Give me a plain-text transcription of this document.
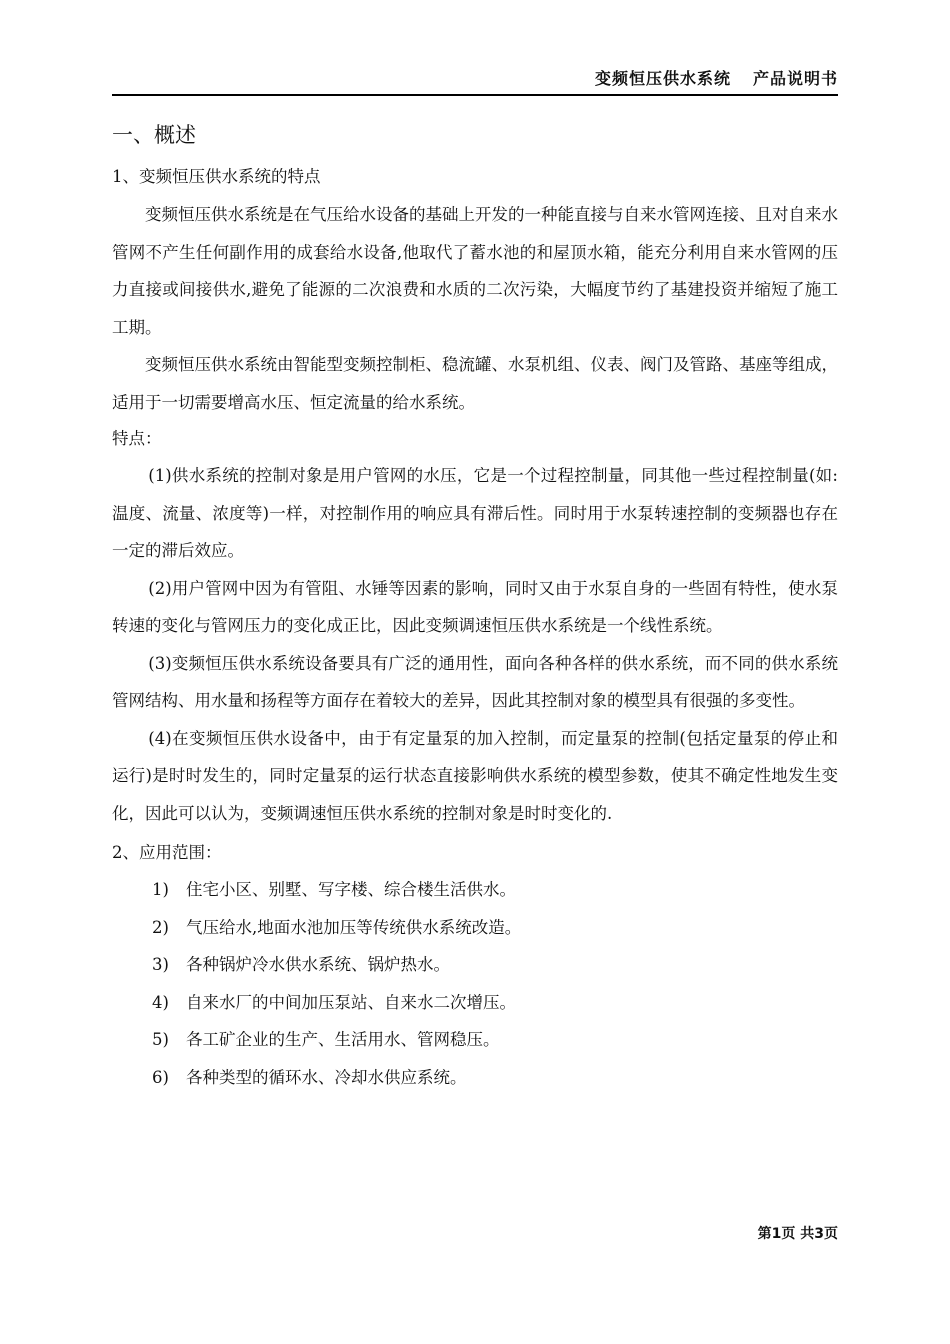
变频恒压供水系统 产品说明书
一、概述

1、变频恒压供水系统的特点

变频恒压供水系统是在气压给水设备的基础上开发的一种能直接与自来水管网连接、且对自来水管网不产生任何副作用的成套给水设备,他取代了蓄水池的和屋顶水箱，能充分利用自来水管网的压力直接或间接供水,避免了能源的二次浪费和水质的二次污染，大幅度节约了基建投资并缩短了施工工期。

变频恒压供水系统由智能型变频控制柜、稳流罐、水泵机组、仪表、阀门及管路、基座等组成，适用于一切需要增高水压、恒定流量的给水系统。

特点：

(1)供水系统的控制对象是用户管网的水压，它是一个过程控制量，同其他一些过程控制量(如:温度、流量、浓度等)一样，对控制作用的响应具有滞后性。同时用于水泵转速控制的变频器也存在一定的滞后效应。

(2)用户管网中因为有管阻、水锤等因素的影响，同时又由于水泵自身的一些固有特性，使水泵转速的变化与管网压力的变化成正比，因此变频调速恒压供水系统是一个线性系统。

(3)变频恒压供水系统设备要具有广泛的通用性，面向各种各样的供水系统，而不同的供水系统管网结构、用水量和扬程等方面存在着较大的差异，因此其控制对象的模型具有很强的多变性。

(4)在变频恒压供水设备中，由于有定量泵的加入控制，而定量泵的控制(包括定量泵的停止和运行)是时时发生的，同时定量泵的运行状态直接影响供水系统的模型参数，使其不确定性地发生变化，因此可以认为，变频调速恒压供水系统的控制对象是时时变化的.

2、应用范围：

1)	住宅小区、别墅、写字楼、综合楼生活供水。
2)	气压给水,地面水池加压等传统供水系统改造。
3)	各种锅炉冷水供水系统、锅炉热水。
4)	自来水厂的中间加压泵站、自来水二次增压。
5)	各工矿企业的生产、生活用水、管网稳压。
6)	各种类型的循环水、冷却水供应系统。
第1页 共3页
